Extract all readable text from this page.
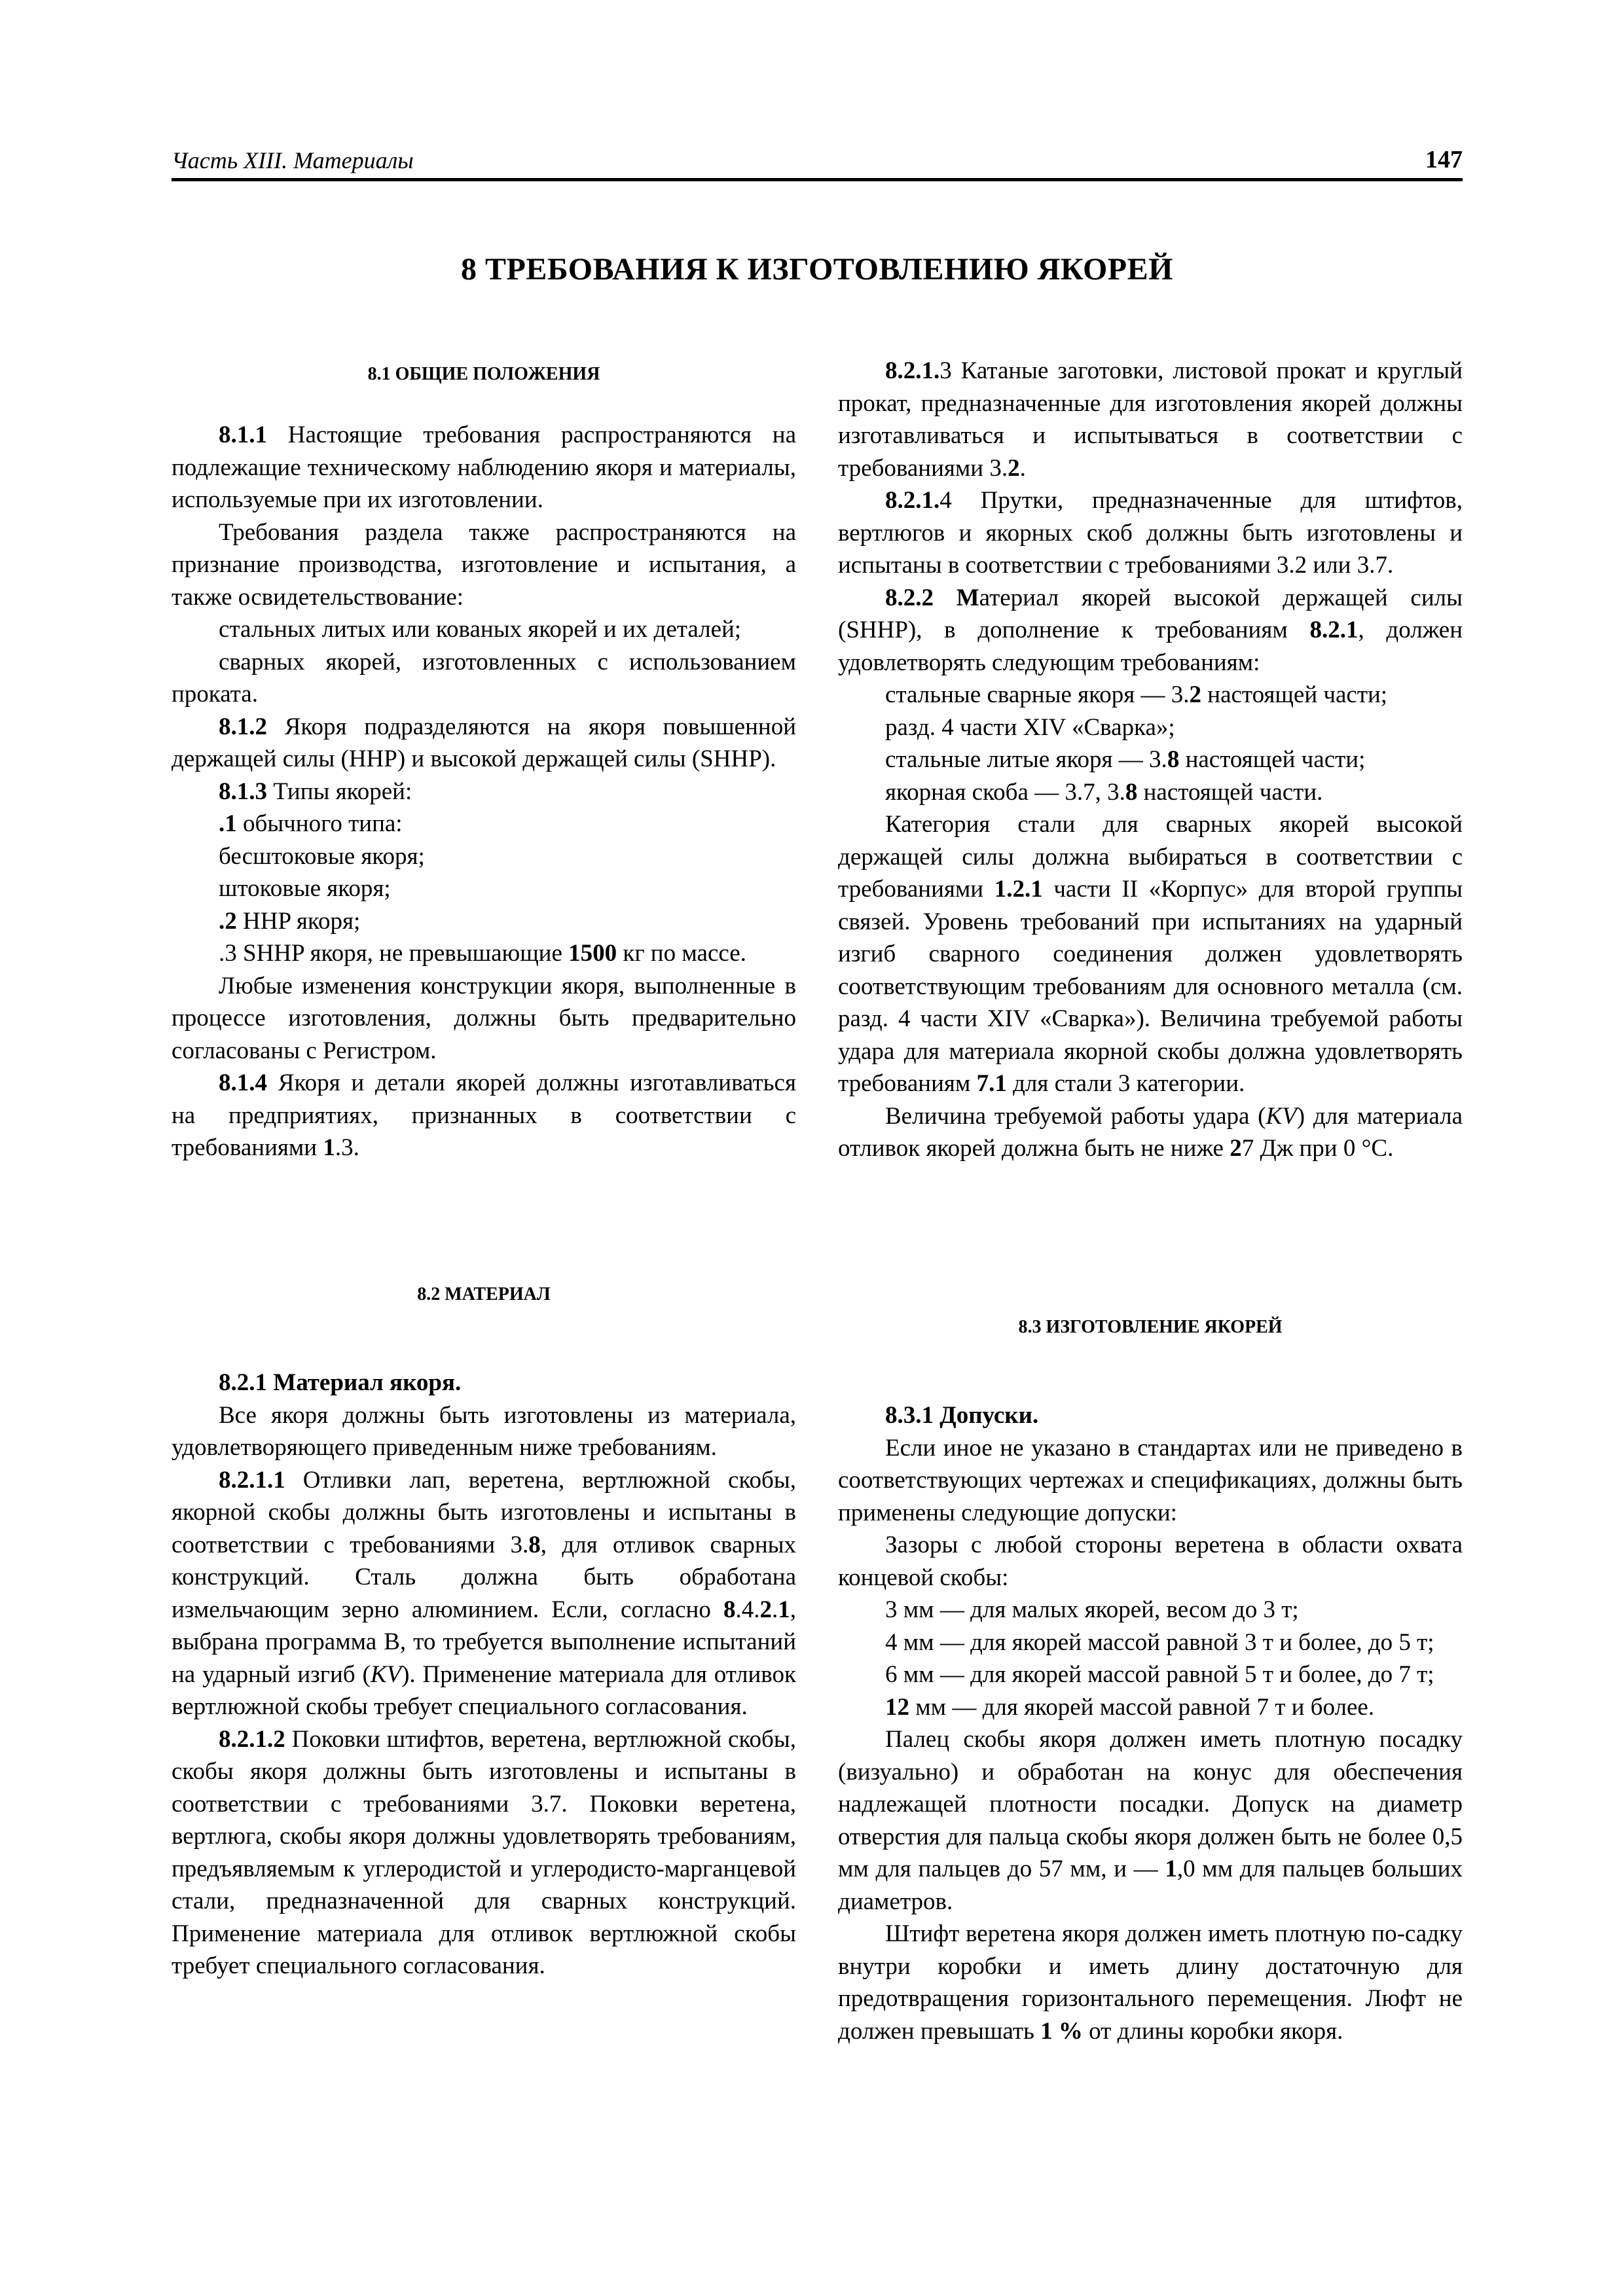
Часть XIII. Материалы	147
8 ТРЕБОВАНИЯ К ИЗГОТОВЛЕНИЮ ЯКОРЕЙ
8.1 ОБЩИЕ ПОЛОЖЕНИЯ

8.1.1 Настоящие требования распространяются на подлежащие техническому наблюдению якоря и материалы, используемые при их изготовлении.

Требования раздела также распространяются на признание производства, изготовление и испытания, а также освидетельствование:

стальных литых или кованых якорей и их деталей;

сварных якорей, изготовленных с использованием проката.

8.1.2 Якоря подразделяются на якоря повышенной держащей силы (HHP) и высокой держащей силы (SHHP).

8.1.3 Типы якорей:

.1 обычного типа:

бесштоковые якоря;

штоковые якоря;

.2 HHP якоря;

.3 SHHP якоря, не превышающие 1500 кг по массе.

Любые изменения конструкции якоря, выполненные в процессе изготовления, должны быть предварительно согласованы с Регистром.

8.1.4 Якоря и детали якорей должны изготавливаться на предприятиях, признанных в соответствии с требованиями 1.3.

8.2 МАТЕРИАЛ

8.2.1 Материал якоря.

Все якоря должны быть изготовлены из материала, удовлетворяющего приведенным ниже требованиям.

8.2.1.1 Отливки лап, веретена, вертлюжной скобы, якорной скобы должны быть изготовлены и испытаны в соответствии с требованиями 3.8, для отливок сварных конструкций. Сталь должна быть обработана измельчающим зерно алюминием. Если, согласно 8.4.2.1, выбрана программа B, то требуется выполнение испытаний на ударный изгиб (KV). Применение материала для отливок вертлюжной скобы требует специального согласования.

8.2.1.2 Поковки штифтов, веретена, вертлюжной скобы, скобы якоря должны быть изготовлены и испытаны в соответствии с требованиями 3.7. Поковки веретена, вертлюга, скобы якоря должны удовлетворять требованиям, предъявляемым к углеродистой и углеродисто-марганцевой стали, предназначенной для сварных конструкций. Применение материала для отливок вертлюжной скобы требует специального согласования.

8.2.1.3 Катаные заготовки, листовой прокат и круглый прокат, предназначенные для изготовления якорей должны изготавливаться и испытываться в соответствии с требованиями 3.2.

8.2.1.4 Прутки, предназначенные для штифтов, вертлюгов и якорных скоб должны быть изготовлены и испытаны в соответствии с требованиями 3.2 или 3.7.

8.2.2 Материал якорей высокой держащей силы (SHHP), в дополнение к требованиям 8.2.1, должен удовлетворять следующим требованиям:

стальные сварные якоря — 3.2 настоящей части;

разд. 4 части XIV «Сварка»;

стальные литые якоря — 3.8 настоящей части;

якорная скоба — 3.7, 3.8 настоящей части.

Категория стали для сварных якорей высокой держащей силы должна выбираться в соответствии с требованиями 1.2.1 части II «Корпус» для второй группы связей. Уровень требований при испытаниях на ударный изгиб сварного соединения должен удовлетворять соответствующим требованиям для основного металла (см. разд. 4 части XIV «Сварка»). Величина требуемой работы удара для материала якорной скобы должна удовлетворять требованиям 7.1 для стали 3 категории.

Величина требуемой работы удара (KV) для материала отливок якорей должна быть не ниже 27 Дж при 0 °С.

8.3 ИЗГОТОВЛЕНИЕ ЯКОРЕЙ

8.3.1 Допуски.

Если иное не указано в стандартах или не приведено в соответствующих чертежах и спецификациях, должны быть применены следующие допуски:

Зазоры с любой стороны веретена в области охвата концевой скобы:

3 мм — для малых якорей, весом до 3 т;

4 мм — для якорей массой равной 3 т и более, до 5 т;

6 мм — для якорей массой равной 5 т и более, до 7 т;

12 мм — для якорей массой равной 7 т и более.

Палец скобы якоря должен иметь плотную посадку (визуально) и обработан на конус для обеспечения надлежащей плотности посадки. Допуск на диаметр отверстия для пальца скобы якоря должен быть не более 0,5 мм для пальцев до 57 мм, и — 1,0 мм для пальцев больших диаметров.

Штифт веретена якоря должен иметь плотную по-садку внутри коробки и иметь длину достаточную для предотвращения горизонтального перемещения. Люфт не должен превышать 1 % от длины коробки якоря.
